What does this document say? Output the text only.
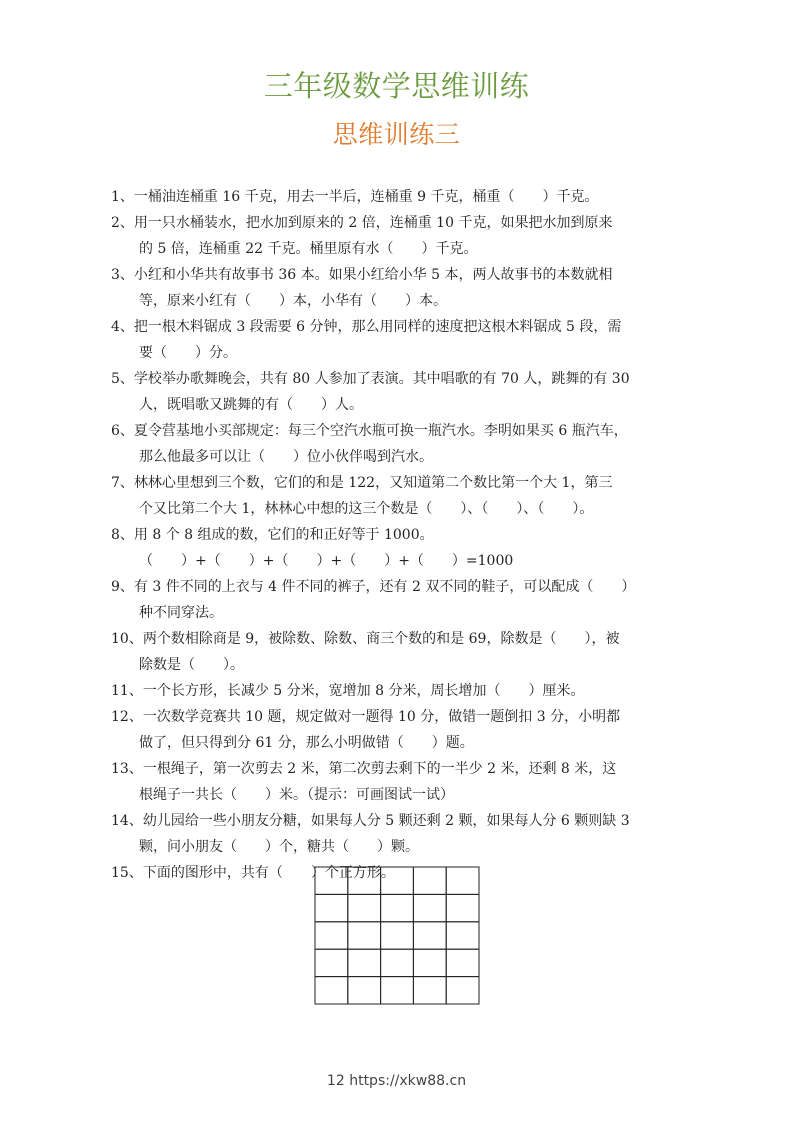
三年级数学思维训练
思维训练三
1、一桶油连桶重 16 千克，用去一半后，连桶重 9 千克，桶重（　　）千克。
2、用一只水桶装水，把水加到原来的 2 倍，连桶重 10 千克，如果把水加到原来
的 5 倍，连桶重 22 千克。桶里原有水（　　）千克。
3、小红和小华共有故事书 36 本。如果小红给小华 5 本，两人故事书的本数就相
等，原来小红有（　　）本，小华有（　　）本。
4、把一根木料锯成 3 段需要 6 分钟，那么用同样的速度把这根木料锯成 5 段，需
要（　　）分。
5、学校举办歌舞晚会，共有 80 人参加了表演。其中唱歌的有 70 人，跳舞的有 30
人，既唱歌又跳舞的有（　　）人。
6、夏令营基地小买部规定：每三个空汽水瓶可换一瓶汽水。李明如果买 6 瓶汽车，
那么他最多可以让（　　）位小伙伴喝到汽水。
7、林林心里想到三个数，它们的和是 122，又知道第二个数比第一个大 1，第三
个又比第二个大 1，林林心中想的这三个数是（　　）、（　　）、（　　）。
8、用 8 个 8 组成的数，它们的和正好等于 1000。
（　　）+（　　）+（　　）+（　　）+（　　）=1000
9、有 3 件不同的上衣与 4 件不同的裤子，还有 2 双不同的鞋子，可以配成（　　）
种不同穿法。
10、两个数相除商是 9，被除数、除数、商三个数的和是 69，除数是（　　），被
除数是（　　）。
11、一个长方形，长减少 5 分米，宽增加 8 分米，周长增加（　　）厘米。
12、一次数学竞赛共 10 题，规定做对一题得 10 分，做错一题倒扣 3 分，小明都
做了，但只得到分 61 分，那么小明做错（　　）题。
13、一根绳子，第一次剪去 2 米，第二次剪去剩下的一半少 2 米，还剩 8 米，这
根绳子一共长（　　）米。（提示：可画图试一试）
14、幼儿园给一些小朋友分糖，如果每人分 5 颗还剩 2 颗，如果每人分 6 颗则缺 3
颗，问小朋友（　　）个，糖共（　　）颗。
15、下面的图形中，共有（　　）个正方形。
12 https://xkw88.cn
